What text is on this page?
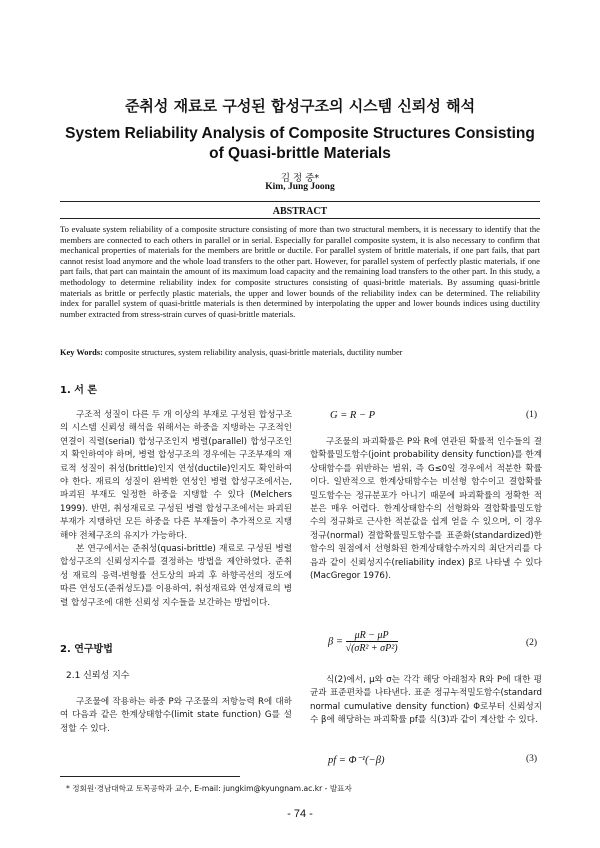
준취성 재료로 구성된 합성구조의 시스템 신뢰성 해석
System Reliability Analysis of Composite Structures Consisting of Quasi-brittle Materials
김 정 중*
Kim, Jung Joong
ABSTRACT
To evaluate system reliability of a composite structure consisting of more than two structural members, it is necessary to identify that the members are connected to each others in parallel or in serial. Especially for parallel composite system, it is also necessary to confirm that mechanical properties of materials for the members are brittle or ductile. For parallel system of brittle materials, if one part fails, that part cannot resist load anymore and the whole load transfers to the other part. However, for parallel system of perfectly plastic materials, if one part fails, that part can maintain the amount of its maximum load capacity and the remaining load transfers to the other part. In this study, a methodology to determine reliability index for composite structures consisting of quasi-brittle materials. By assuming quasi-brittle materials as brittle or perfectly plastic materials, the upper and lower bounds of the reliability index can be determined. The reliability index for parallel system of quasi-brittle materials is then determined by interpolating the upper and lower bounds indices using ductility number extracted from stress-strain curves of quasi-brittle materials.
Key Words: composite structures, system reliability analysis, quasi-brittle materials, ductility number
1. 서 론

구조적 성질이 다른 두 개 이상의 부재로 구성된 합성구조의 시스템 신뢰성 해석을 위해서는 하중을 지탱하는 구조적인 연결이 직렬(serial) 합성구조인지 병렬(parallel) 합성구조인지 확인하여야 하며, 병렬 합성구조의 경우에는 구조부재의 재료적 성질이 취성(brittle)인지 연성(ductile)인지도 확인하여야 한다. 재료의 성질이 완벽한 연성인 병렬 합성구조에서는, 파괴된 부재도 일정한 하중을 지탱할 수 있다 (Melchers 1999). 반면, 취성재료로 구성된 병렬 합성구조에서는 파괴된 부재가 지탱하던 모든 하중을 다른 부재들이 추가적으로 지탱해야 전체구조의 유지가 가능하다.

본 연구에서는 준취성(quasi-brittle) 재료로 구성된 병렬 합성구조의 신뢰성지수를 결정하는 방법을 제안하였다. 준취성 재료의 응력-변형률 선도상의 파괴 후 하향곡선의 정도에 따른 연성도(준취성도)를 이용하여, 취성재료와 연성재료의 병렬 합성구조에 대한 신뢰성 지수들을 보간하는 방법이다.

2. 연구방법
2.1 신뢰성 지수

구조물에 작용하는 하중 P와 구조물의 저항능력 R에 대하여 다음과 같은 한계상태함수(limit state function) G를 설정할 수 있다.

G = R − P	(1)

구조물의 파괴확률은 P와 R에 연관된 확률적 인수들의 결합확률밀도함수(joint probability density function)를 한계상태함수를 위반하는 범위, 즉 G≤0일 경우에서 적분한 확률이다. 일반적으로 한계상태함수는 비선형 함수이고 결합확률밀도함수는 정규분포가 아니기 때문에 파괴확률의 정확한 적분은 매우 어렵다. 한계상태함수의 선형화와 결합확률밀도함수의 정규화로 근사한 적분값을 쉽게 얻을 수 있으며, 이 경우 정규(normal) 결합확률밀도함수를 표준화(standardized)한 함수의 원점에서 선형화된 한계상태함수까지의 최단거리를 다음과 같이 신뢰성지수(reliability index) β로 나타낼 수 있다 (MacGregor 1976).

$\beta = \frac{\mu R - \mu P}{\text{√(σR² + σP²)}}$	(2)

식(2)에서, μ와 σ는 각각 해당 아래첨자 R와 P에 대한 평균과 표준편차를 나타낸다. 표준 정규누적밀도함수(standard normal cumulative density function) Φ로부터 신뢰성지수 β에 해당하는 파괴확률 pf를 식(3)과 같이 계산할 수 있다.

pf = Φ⁻¹(−β)	(3)
* 정회원·경남대학교 토목공학과 교수, E-mail: jungkim@kyungnam.ac.kr - 발표자
- 74 -
